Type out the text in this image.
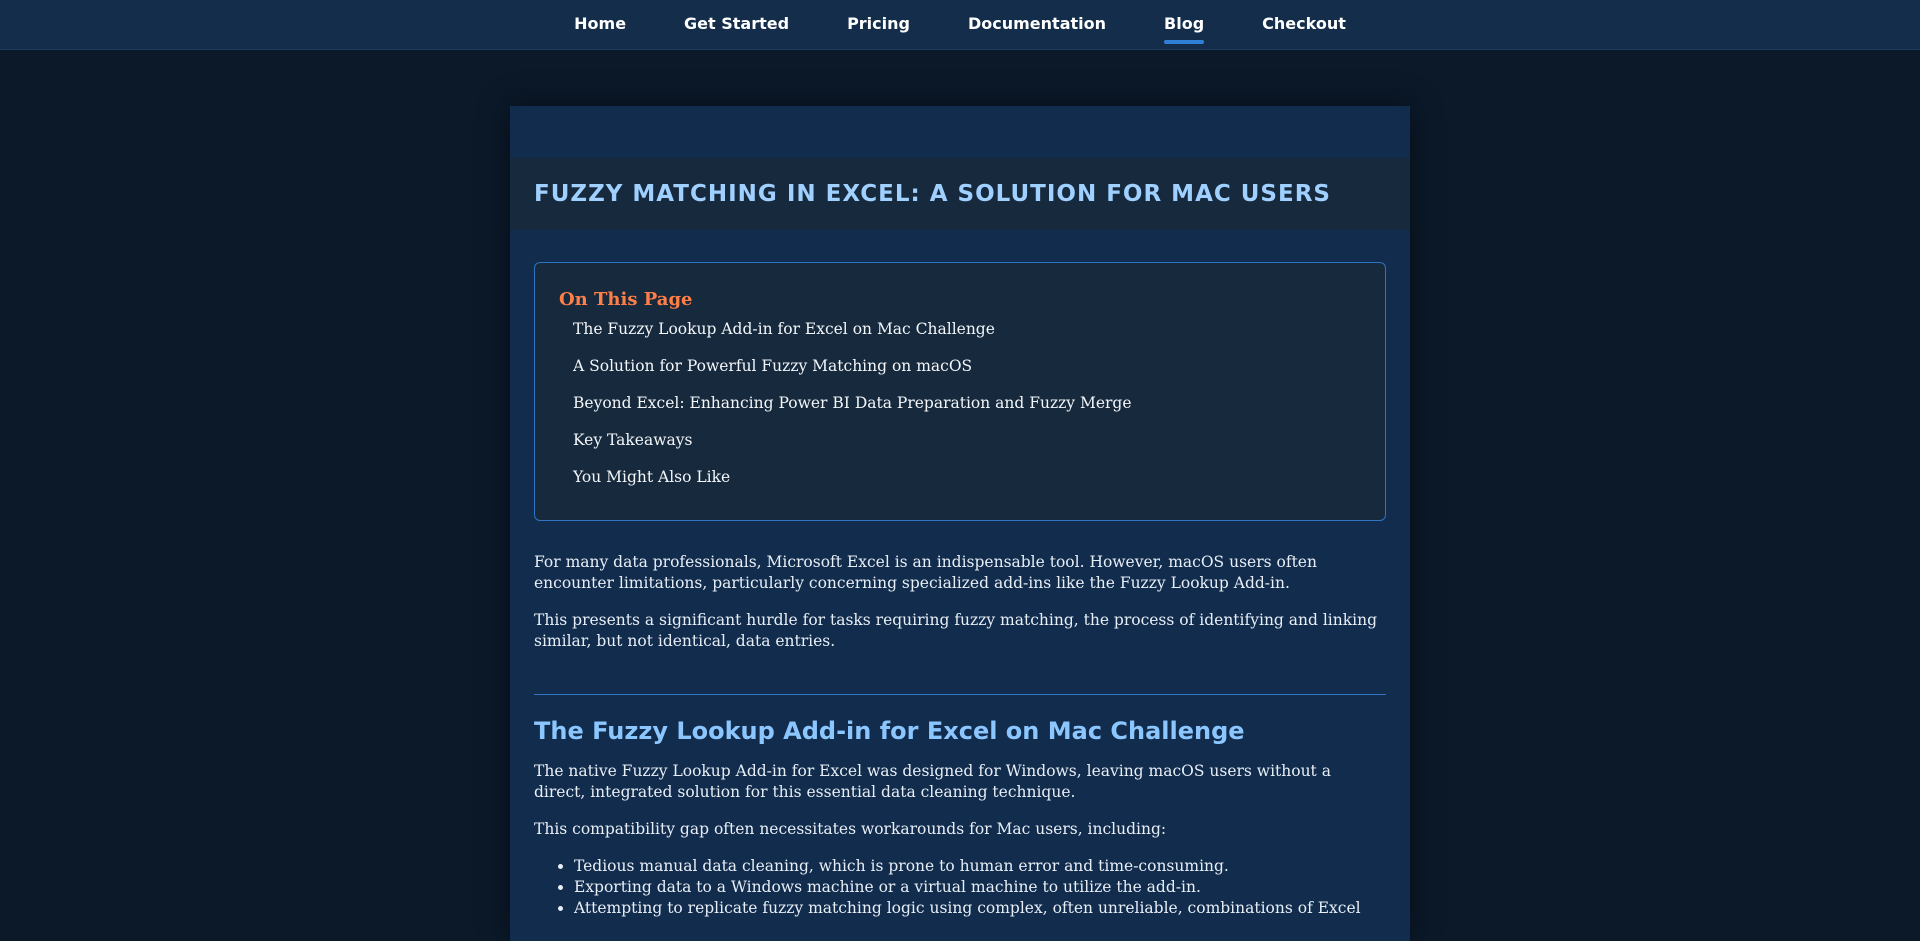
Home	Get Started	Pricing	Documentation	Blog	Checkout
FUZZY MATCHING IN EXCEL: A SOLUTION FOR MAC USERS
On This Page
The Fuzzy Lookup Add-in for Excel on Mac Challenge
A Solution for Powerful Fuzzy Matching on macOS
Beyond Excel: Enhancing Power BI Data Preparation and Fuzzy Merge
Key Takeaways
You Might Also Like

For many data professionals, Microsoft Excel is an indispensable tool. However, macOS users often encounter limitations, particularly concerning specialized add-ins like the Fuzzy Lookup Add-in.

This presents a significant hurdle for tasks requiring fuzzy matching, the process of identifying and linking similar, but not identical, data entries.

The Fuzzy Lookup Add-in for Excel on Mac Challenge

The native Fuzzy Lookup Add-in for Excel was designed for Windows, leaving macOS users without a direct, integrated solution for this essential data cleaning technique.

This compatibility gap often necessitates workarounds for Mac users, including:

• Tedious manual data cleaning, which is prone to human error and time-consuming.
• Exporting data to a Windows machine or a virtual machine to utilize the add-in.
• Attempting to replicate fuzzy matching logic using complex, often unreliable, combinations of Excel
